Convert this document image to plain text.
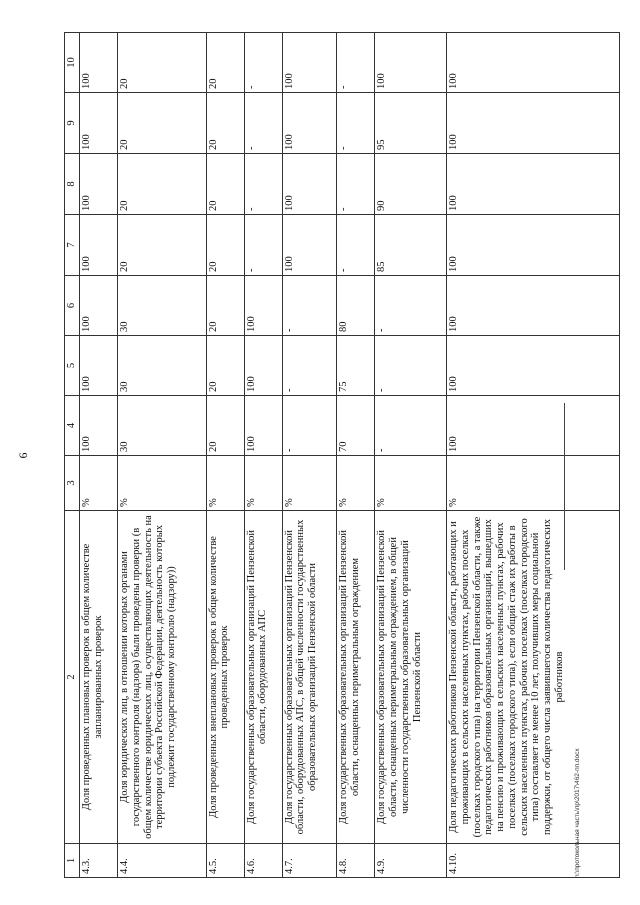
6
1	2	3	4	5	6	7	8	9	10
4.3.	Доля проведенных плановых проверок в общем количестве запланированных проверок	%	100	100	100	100	100	100	100
4.4.	Доля юридических лиц, в отношении которых органами государственного контроля (надзора) были проведены проверки (в общем количестве юридических лиц, осуществляющих деятельность на территории субъекта Российской Федерации, деятельность которых подлежит государственному контролю (надзору))	%	30	30	30	20	20	20	20
4.5.	Доля проведенных внеплановых проверок в общем количестве проведенных проверок	%	20	20	20	20	20	20	20
4.6.	Доля государственных образовательных организаций Пензенской области, оборудованных АПС	%	100	100	100	-	-	-	-
4.7.	Доля государственных образовательных организаций Пензенской области, оборудованных АПС, в общей численности государственных образовательных организаций Пензенской области	%	-	-	-	100	100	100	100
4.8.	Доля государственных образовательных организаций Пензенской области, оснащенных периметральным ограждением	%	70	75	80	-	-	-	-
4.9.	Доля государственных образовательных организаций Пензенской области, оснащенных периметральным ограждением, в общей численности государственных образовательных организаций Пензенской области	%	-	-	-	85	90	95	100
4.10.	Доля педагогических работников Пензенской области, работающих и проживающих в сельских населенных пунктах, рабочих поселках (поселках городского типа) на территории Пензенской области, а также педагогических работников образовательных организаций, вышедших на пенсию и проживающих в сельских населенных пунктах, рабочих поселках (поселках городского типа), если общий стаж их работы в сельских населенных пунктах, рабочих поселках (поселках городского типа) составляет не менее 10 лет, получивших меры социальной поддержки, от общего числа заявившегося количества педагогических работников	%	100	100	100	100	100	100	100
h:\протокольная часть\пр\2017\462-пп.docx
